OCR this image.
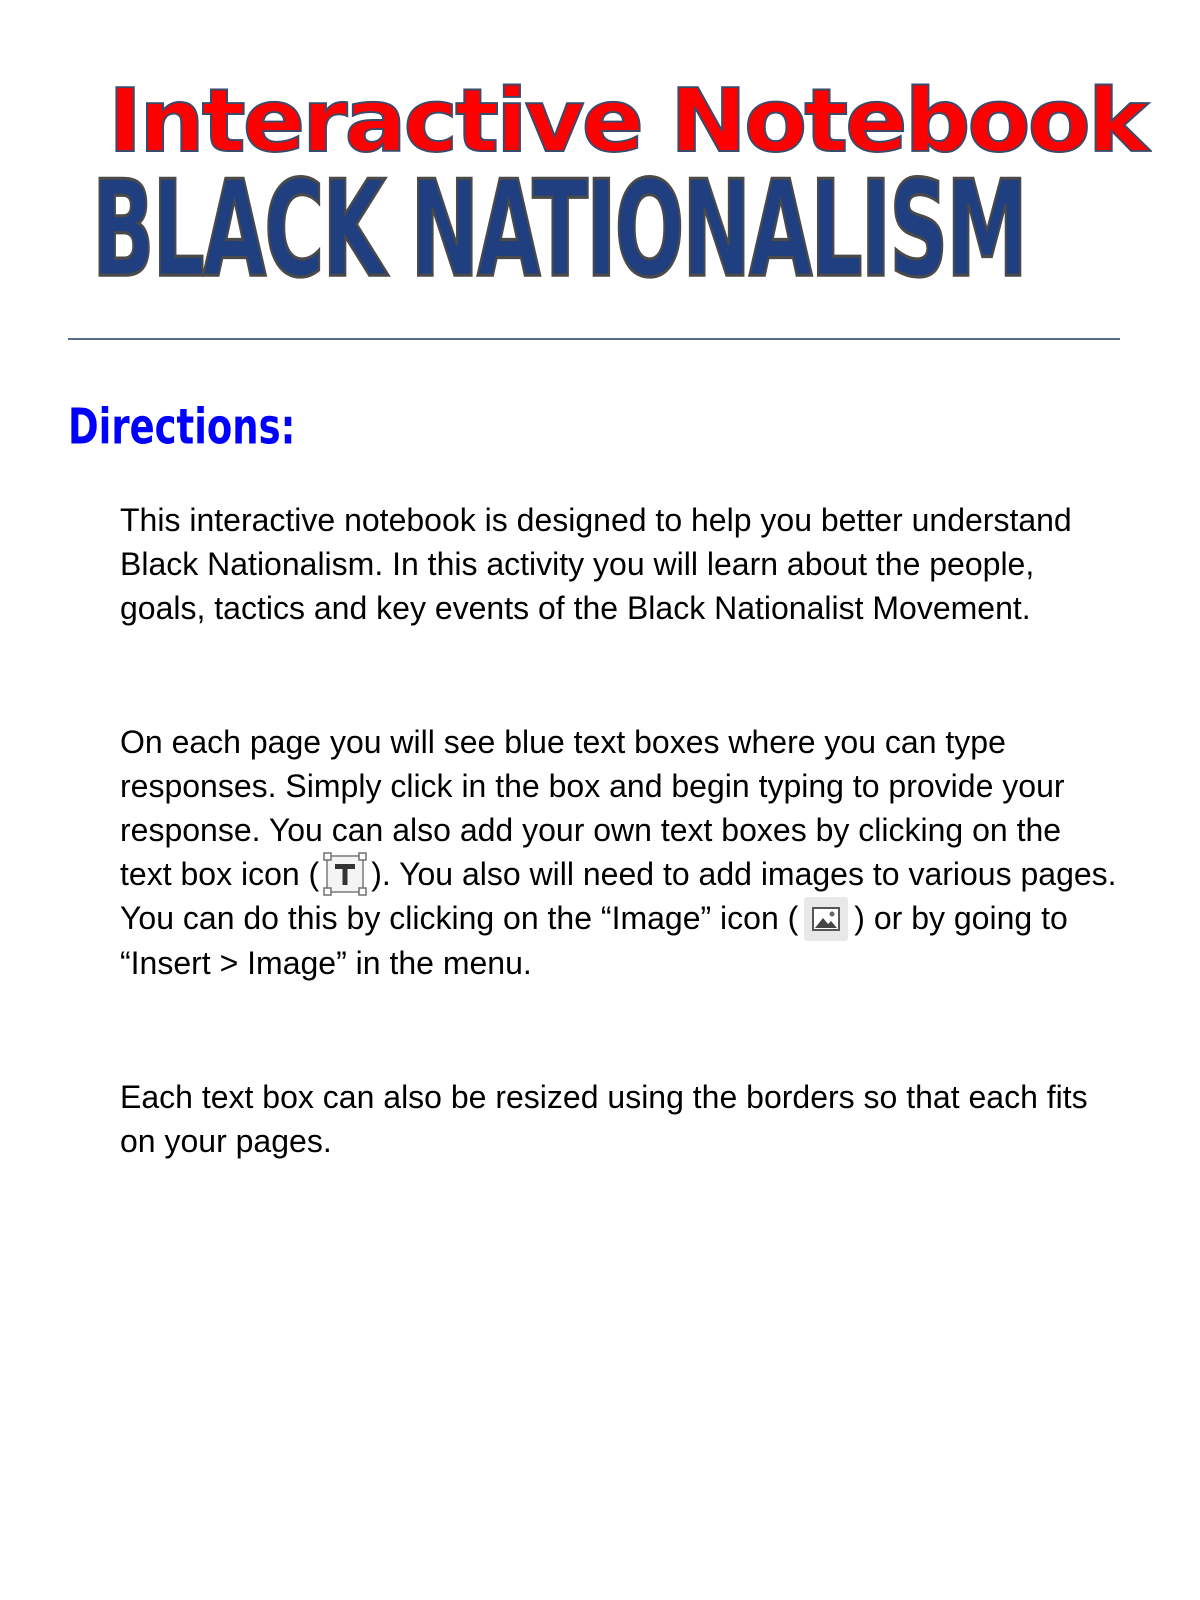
Interactive Notebook
BLACK NATIONALISM
Directions:

This interactive notebook is designed to help you better understand Black Nationalism. In this activity you will learn about the people, goals, tactics and key events of the Black Nationalist Movement.

On each page you will see blue text boxes where you can type responses. Simply click in the box and begin typing to provide your response. You can also add your own text boxes by clicking on the text box icon ( ). You also will need to add images to various pages. You can do this by clicking on the “Image” icon ( ) or by going to “Insert > Image” in the menu.

Each text box can also be resized using the borders so that each fits on your pages.
